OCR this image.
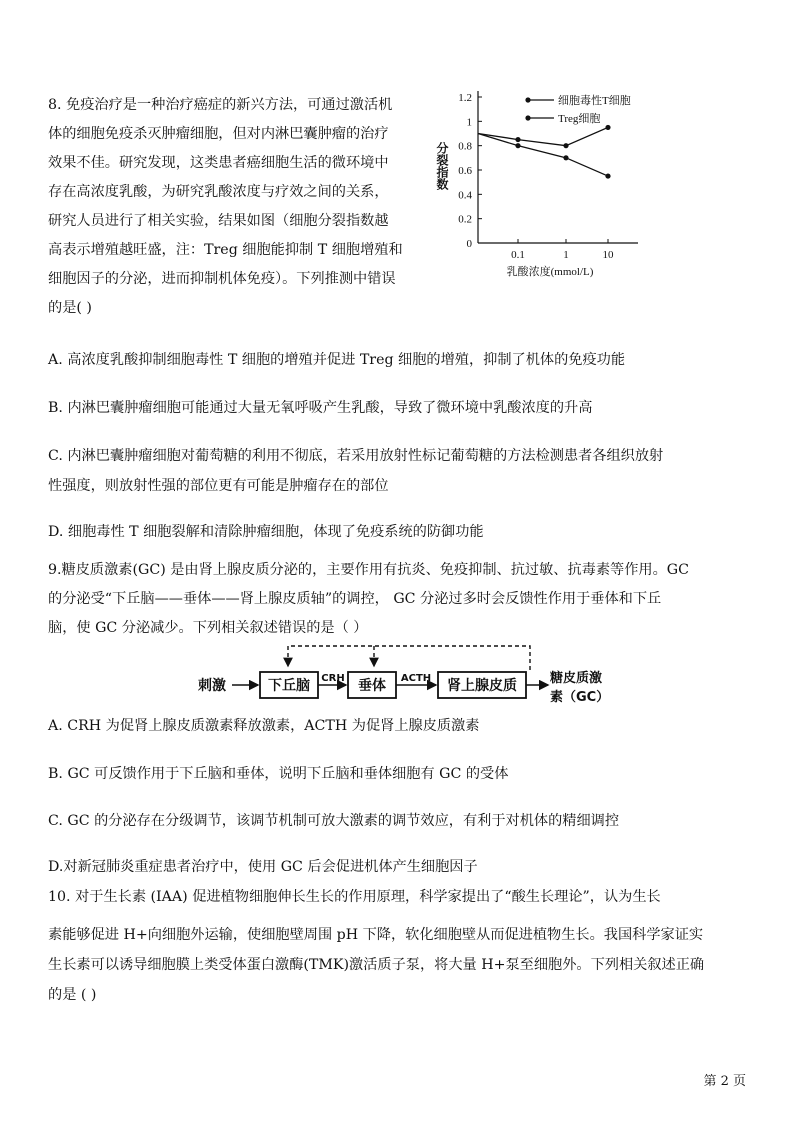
8. 免疫治疗是一种治疗癌症的新兴方法，可通过激活机
体的细胞免疫杀灭肿瘤细胞，但对内淋巴囊肿瘤的治疗
效果不佳。研究发现，这类患者癌细胞生活的微环境中
存在高浓度乳酸，为研究乳酸浓度与疗效之间的关系，
研究人员进行了相关实验，结果如图（细胞分裂指数越
高表示增殖越旺盛，注：Treg 细胞能抑制 T 细胞增殖和
细胞因子的分泌，进而抑制机体免疫）。下列推测中错误
的是( )
A. 高浓度乳酸抑制细胞毒性 T 细胞的增殖并促进 Treg 细胞的增殖，抑制了机体的免疫功能
B. 内淋巴囊肿瘤细胞可能通过大量无氧呼吸产生乳酸，导致了微环境中乳酸浓度的升高
C. 内淋巴囊肿瘤细胞对葡萄糖的利用不彻底，若采用放射性标记葡萄糖的方法检测患者各组织放射
性强度，则放射性强的部位更有可能是肿瘤存在的部位
D. 细胞毒性 T 细胞裂解和清除肿瘤细胞，体现了免疫系统的防御功能
0
0.2
0.4
0.6
0.8
1
1.2
0.1	1	10
细胞毒性T细胞
Treg细胞
分裂指数
乳酸浓度(mmol/L)
9.糖皮质激素(GC) 是由肾上腺皮质分泌的，主要作用有抗炎、免疫抑制、抗过敏、抗毒素等作用。GC
的分泌受“下丘脑——垂体——肾上腺皮质轴”的调控， GC 分泌过多时会反馈性作用于垂体和下丘
脑，使 GC 分泌减少。下列相关叙述错误的是（ ）
刺激	下丘脑 CRH 垂体 ACTH 肾上腺皮质	糖皮质激
素（GC）
A. CRH 为促肾上腺皮质激素释放激素，ACTH 为促肾上腺皮质激素
B. GC 可反馈作用于下丘脑和垂体，说明下丘脑和垂体细胞有 GC 的受体
C. GC 的分泌存在分级调节，该调节机制可放大激素的调节效应，有利于对机体的精细调控
D.对新冠肺炎重症患者治疗中，使用 GC 后会促进机体产生细胞因子
10. 对于生长素 (IAA) 促进植物细胞伸长生长的作用原理，科学家提出了“酸生长理论”，认为生长
素能够促进 H+向细胞外运输，使细胞壁周围 pH 下降，软化细胞壁从而促进植物生长。我国科学家证实
生长素可以诱导细胞膜上类受体蛋白激酶(TMK)激活质子泵，将大量 H+泵至细胞外。下列相关叙述正确
的是 ( )
第 2 页
